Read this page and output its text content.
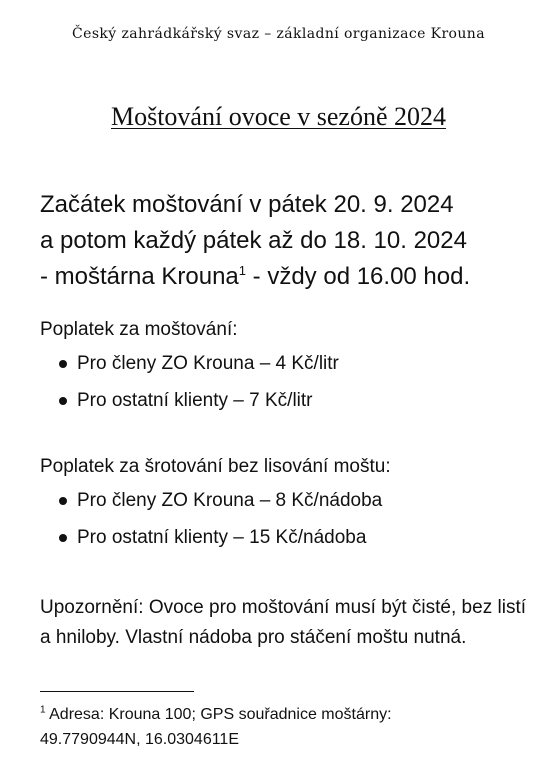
Český zahrádkářský svaz – základní organizace Krouna
Moštování ovoce v sezóně 2024
Začátek moštování v pátek 20. 9. 2024
a potom každý pátek až do 18. 10. 2024
- moštárna Krouna$^1$ - vždy od 16.00 hod.
Poplatek za moštování:
Pro členy ZO Krouna – 4 Kč/litr
Pro ostatní klienty – 7 Kč/litr
Poplatek za šrotování bez lisování moštu:
Pro členy ZO Krouna – 8 Kč/nádoba
Pro ostatní klienty – 15 Kč/nádoba
Upozornění: Ovoce pro moštování musí být čisté, bez listí a hniloby. Vlastní nádoba pro stáčení moštu nutná.
$^1$ Adresa: Krouna 100; GPS souřadnice moštárny:
49.7790944N, 16.0304611E
